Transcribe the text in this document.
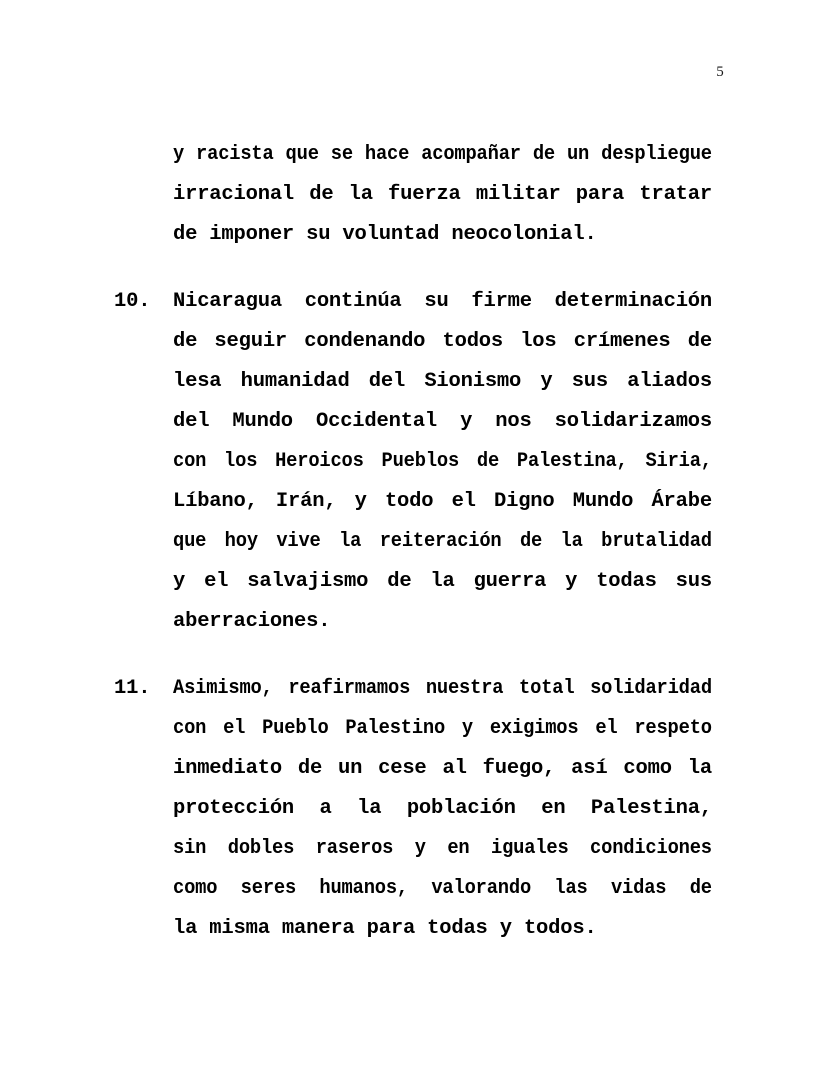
5
y racista que se hace acompañar de un despliegue
irracional de la fuerza militar para tratar
de imponer su voluntad neocolonial.
10.	Nicaragua continúa su firme determinación
de seguir condenando todos los crímenes de
lesa humanidad del Sionismo y sus aliados
del Mundo Occidental y nos solidarizamos
con los Heroicos Pueblos de Palestina, Siria,
Líbano, Irán, y todo el Digno Mundo Árabe
que hoy vive la reiteración de la brutalidad
y el salvajismo de la guerra y todas sus
aberraciones.
11.	Asimismo, reafirmamos nuestra total solidaridad
con el Pueblo Palestino y exigimos el respeto
inmediato de un cese al fuego, así como la
protección a la población en Palestina,
sin dobles raseros y en iguales condiciones
como seres humanos, valorando las vidas de
la misma manera para todas y todos.
